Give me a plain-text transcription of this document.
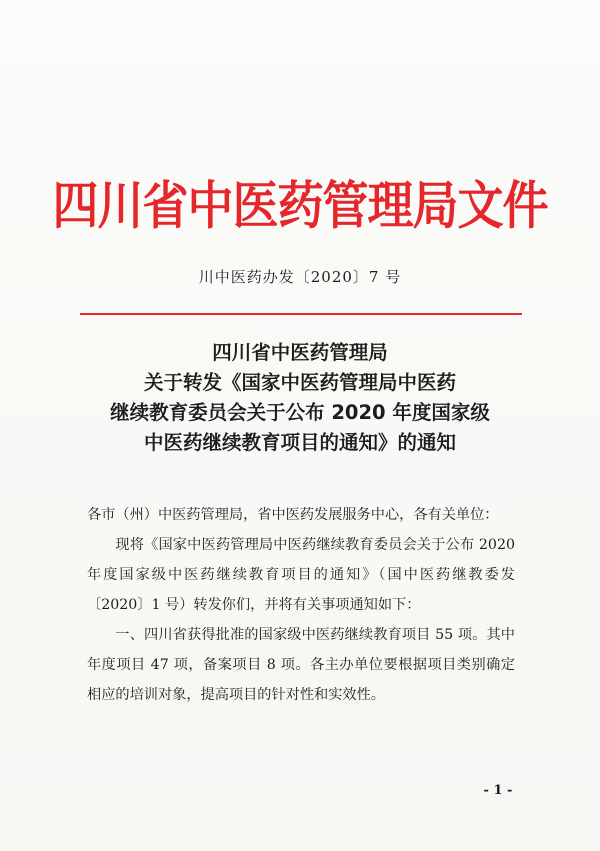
四川省中医药管理局文件
川中医药办发〔2020〕7 号
四川省中医药管理局
关于转发《国家中医药管理局中医药
继续教育委员会关于公布 2020 年度国家级
中医药继续教育项目的通知》的通知

各市（州）中医药管理局，省中医药发展服务中心，各有关单位：

现将《国家中医药管理局中医药继续教育委员会关于公布 2020 年度国家级中医药继续教育项目的通知》（国中医药继教委发〔2020〕1 号）转发你们，并将有关事项通知如下：

一、四川省获得批准的国家级中医药继续教育项目 55 项。其中年度项目 47 项，备案项目 8 项。各主办单位要根据项目类别确定相应的培训对象，提高项目的针对性和实效性。

- 1 -
